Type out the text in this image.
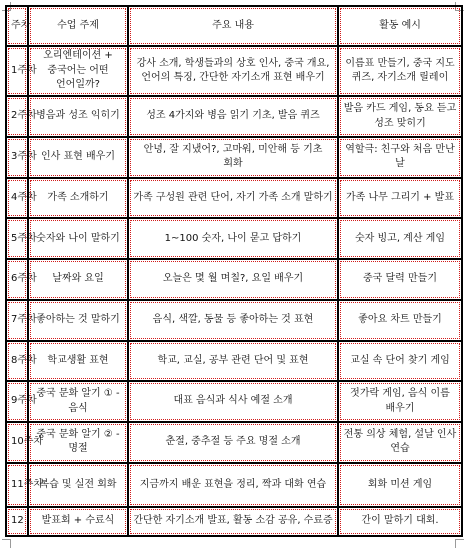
주차	수업 주제	주요 내용	활동 예시
1주차	오리엔테이션 + 중국어는 어떤 언어일까?	강사 소개, 학생들과의 상호 인사, 중국 개요, 언어의 특징, 간단한 자기소개 표현 배우기	이름표 만들기, 중국 지도 퀴즈, 자기소개 릴레이
2주차	병음과 성조 익히기	성조 4가지와 병음 읽기 기초, 발음 퀴즈	발음 카드 게임, 동요 듣고 성조 맞히기
3주차	인사 표현 배우기	안녕, 잘 지냈어?, 고마워, 미안해 등 기초 회화	역할극: 친구와 처음 만난 날
4주차	가족 소개하기	가족 구성원 관련 단어, 자기 가족 소개 말하기	가족 나무 그리기 + 발표
5주차	숫자와 나이 말하기	1~100 숫자, 나이 묻고 답하기	숫자 빙고, 계산 게임
6주차	날짜와 요일	오늘은 몇 월 며칠?, 요일 배우기	중국 달력 만들기
7주차	좋아하는 것 말하기	음식, 색깔, 동물 등 좋아하는 것 표현	좋아요 차트 만들기
8주차	학교생활 표현	학교, 교실, 공부 관련 단어 및 표현	교실 속 단어 찾기 게임
9주차	중국 문화 알기 ① - 음식	대표 음식과 식사 예절 소개	젓가락 게임, 음식 이름 배우기
10주차	중국 문화 알기 ② - 명절	춘절, 중추절 등 주요 명절 소개	전통 의상 체험, 설날 인사 연습
11주차	복습 및 실전 회화	지금까지 배운 표현을 정리, 짝과 대화 연습	회화 미션 게임
12	발표회 + 수료식	간단한 자기소개 발표, 활동 소감 공유, 수료증	간이 말하기 대회.
